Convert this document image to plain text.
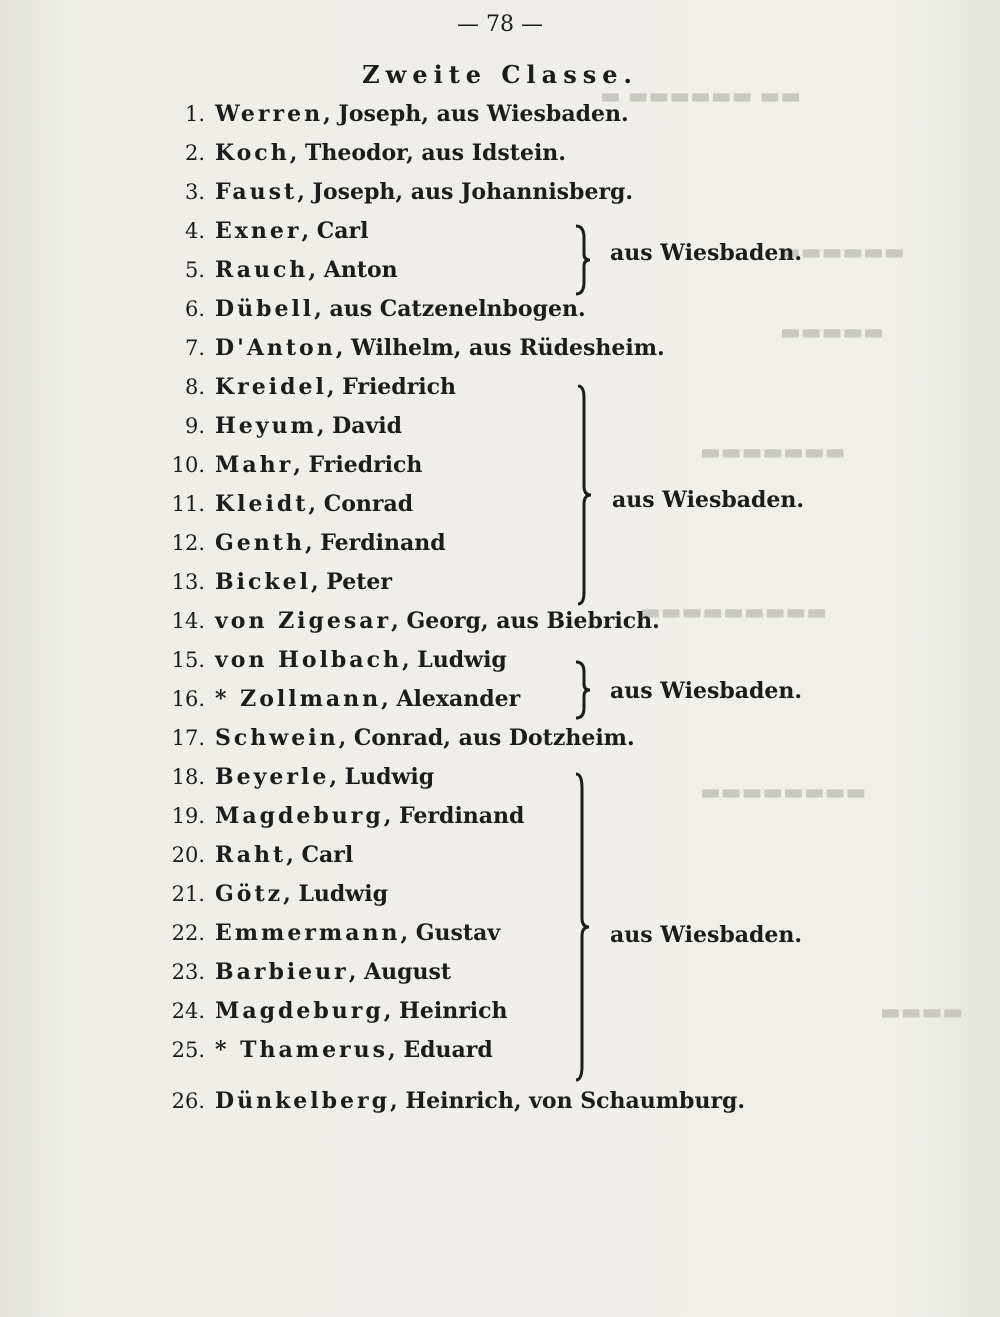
▬ ▬▬▬▬▬▬ ▬▬
▬▬▬▬▬▬
▬▬▬▬▬
▬▬▬▬▬▬▬
▬▬▬▬▬▬▬▬▬
▬▬▬▬▬▬▬▬
▬▬▬▬
— 78 —
Zweite Classe.
1. Werren , Joseph, aus Wiesbaden.
2. Koch , Theodor, aus Idstein.
3. Faust , Joseph, aus Johannisberg.
4. Exner , Carl
5. Rauch , Anton
6. Dübell , aus Catzenelnbogen.
7. D'Anton , Wilhelm, aus Rüdesheim.
8. Kreidel , Friedrich
9. Heyum , David
10. Mahr , Friedrich
11. Kleidt , Conrad
12. Genth , Ferdinand
13. Bickel , Peter
14. von Zigesar , Georg, aus Biebrich.
15. von Holbach , Ludwig
16. * Zollmann , Alexander
17. Schwein , Conrad, aus Dotzheim.
18. Beyerle , Ludwig
19. Magdeburg , Ferdinand
20. Raht , Carl
21. Götz , Ludwig
22. Emmermann , Gustav
23. Barbieur , August
24. Magdeburg , Heinrich
25. * Thamerus , Eduard
26. Dünkelberg , Heinrich, von Schaumburg.
aus Wiesbaden.
aus Wiesbaden.
aus Wiesbaden.
aus Wiesbaden.
